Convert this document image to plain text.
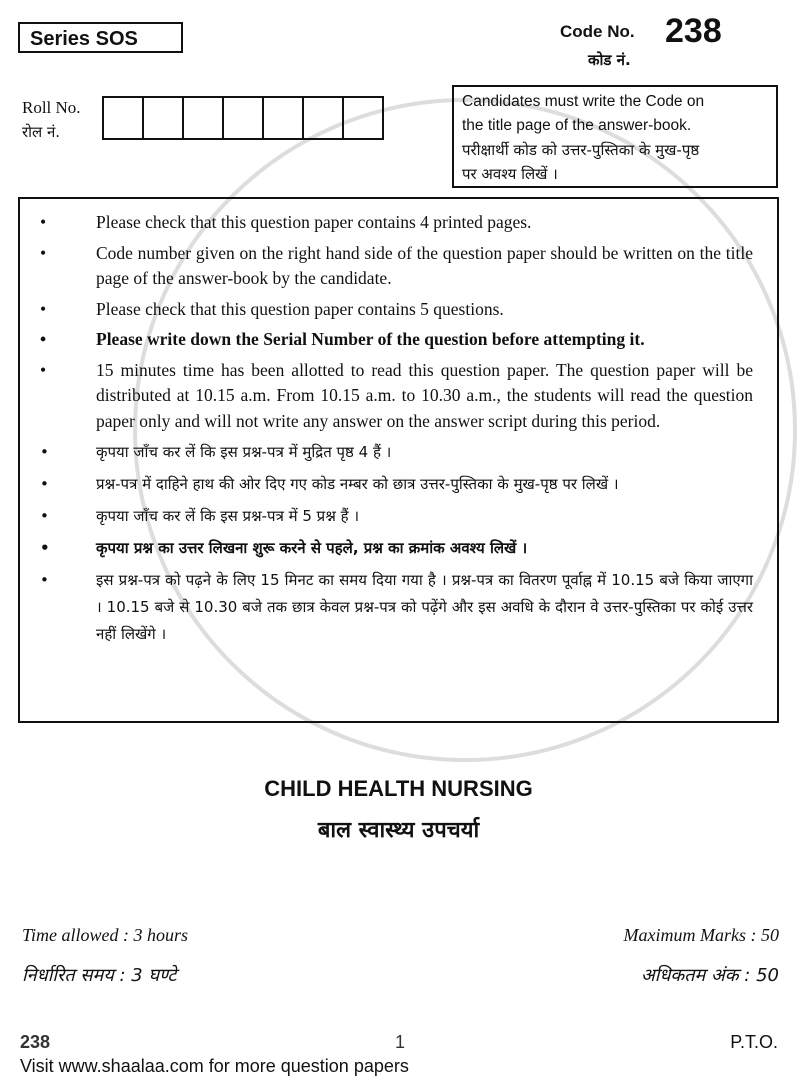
Series SOS	Code No. 238
कोड नं.
Roll No.
रोल नं.
Candidates must write the Code on
the title page of the answer-book.
परीक्षार्थी कोड को उत्तर-पुस्तिका के मुख-पृष्ठ
पर अवश्य लिखें ।
•	Please check that this question paper contains 4 printed pages.
•	Code number given on the right hand side of the question paper should be written on the title page of the answer-book by the candidate.
•	Please check that this question paper contains 5 questions.
•	Please write down the Serial Number of the question before attempting it.
•	15 minutes time has been allotted to read this question paper. The question paper will be distributed at 10.15 a.m. From 10.15 a.m. to 10.30 a.m., the students will read the question paper only and will not write any answer on the answer script during this period.
•	कृपया जाँच कर लें कि इस प्रश्न-पत्र में मुद्रित पृष्ठ 4 हैं ।
•	प्रश्न-पत्र में दाहिने हाथ की ओर दिए गए कोड नम्बर को छात्र उत्तर-पुस्तिका के मुख-पृष्ठ पर लिखें ।
•	कृपया जाँच कर लें कि इस प्रश्न-पत्र में 5 प्रश्न हैं ।
•	कृपया प्रश्न का उत्तर लिखना शुरू करने से पहले, प्रश्न का क्रमांक अवश्य लिखें ।
•	इस प्रश्न-पत्र को पढ़ने के लिए 15 मिनट का समय दिया गया है । प्रश्न-पत्र का वितरण पूर्वाह्न में 10.15 बजे किया जाएगा । 10.15 बजे से 10.30 बजे तक छात्र केवल प्रश्न-पत्र को पढ़ेंगे और इस अवधि के दौरान वे उत्तर-पुस्तिका पर कोई उत्तर नहीं लिखेंगे ।
CHILD HEALTH NURSING
बाल स्वास्थ्य उपचर्या
Time allowed : 3 hours	Maximum Marks : 50
निर्धारित समय : 3 घण्टे	अधिकतम अंक : 50
238	1	P.T.O.
Visit www.shaalaa.com for more question papers
